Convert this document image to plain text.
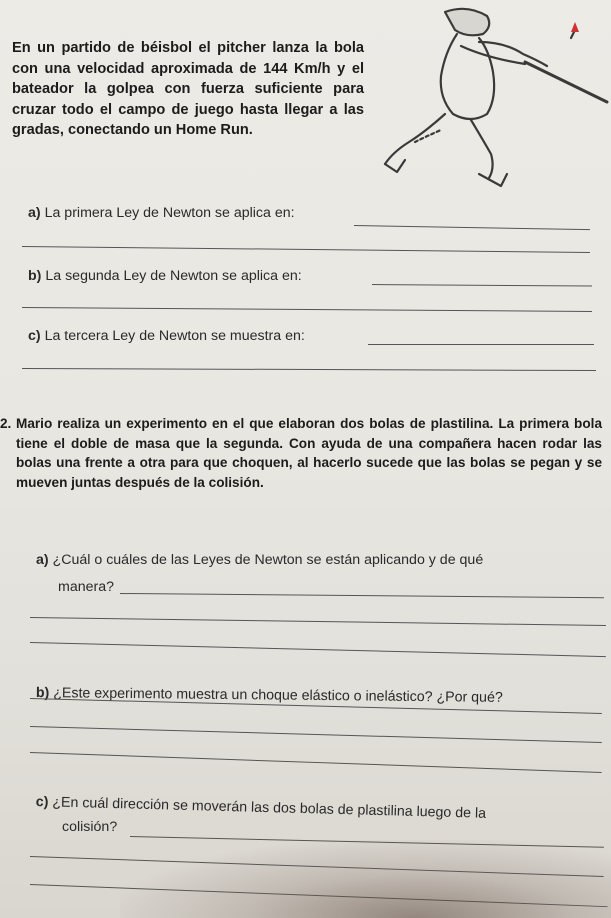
En un partido de béisbol el pitcher lanza la bola con una velocidad aproximada de 144 Km/h y el bateador la golpea con fuerza suficiente para cruzar todo el campo de juego hasta llegar a las gradas, conectando un Home Run.
a) La primera Ley de Newton se aplica en:
b) La segunda Ley de Newton se aplica en:
c) La tercera Ley de Newton se muestra en:
2. Mario realiza un experimento en el que elaboran dos bolas de plastilina. La primera bola tiene el doble de masa que la segunda. Con ayuda de una compañera hacen rodar las bolas una frente a otra para que choquen, al hacerlo sucede que las bolas se pegan y se mueven juntas después de la colisión.
a) ¿Cuál o cuáles de las Leyes de Newton se están aplicando y de qué
manera?
b) ¿Este experimento muestra un choque elástico o inelástico? ¿Por qué?
c) ¿En cuál dirección se moverán las dos bolas de plastilina luego de la
colisión?
